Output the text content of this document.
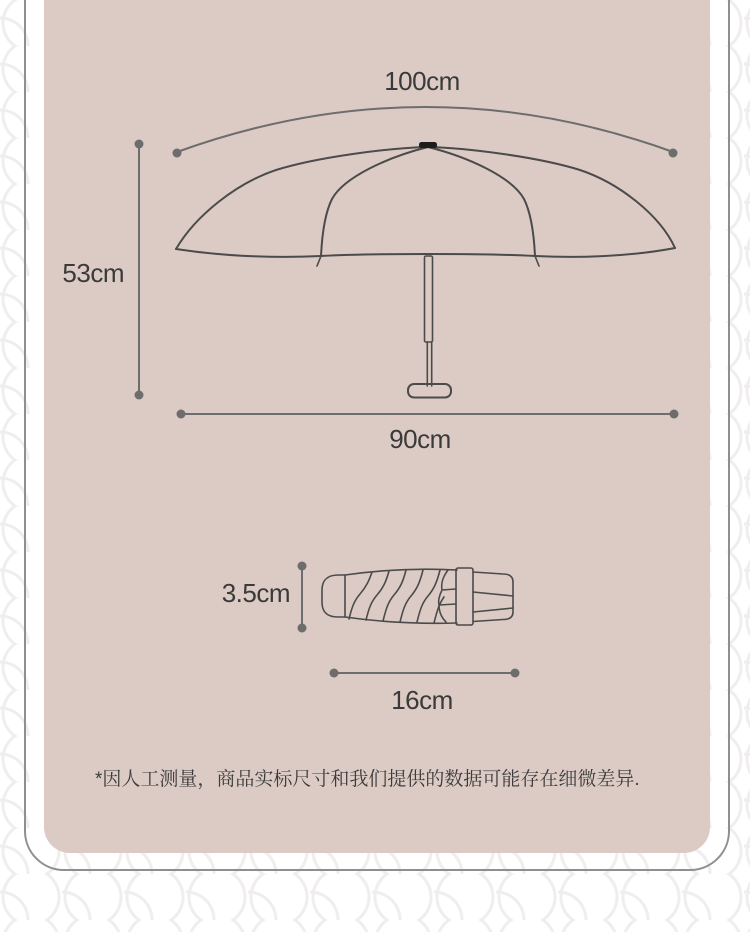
100cm
53cm
90cm
3.5cm
16cm
*因人工测量，商品实标尺寸和我们提供的数据可能存在细微差异.
